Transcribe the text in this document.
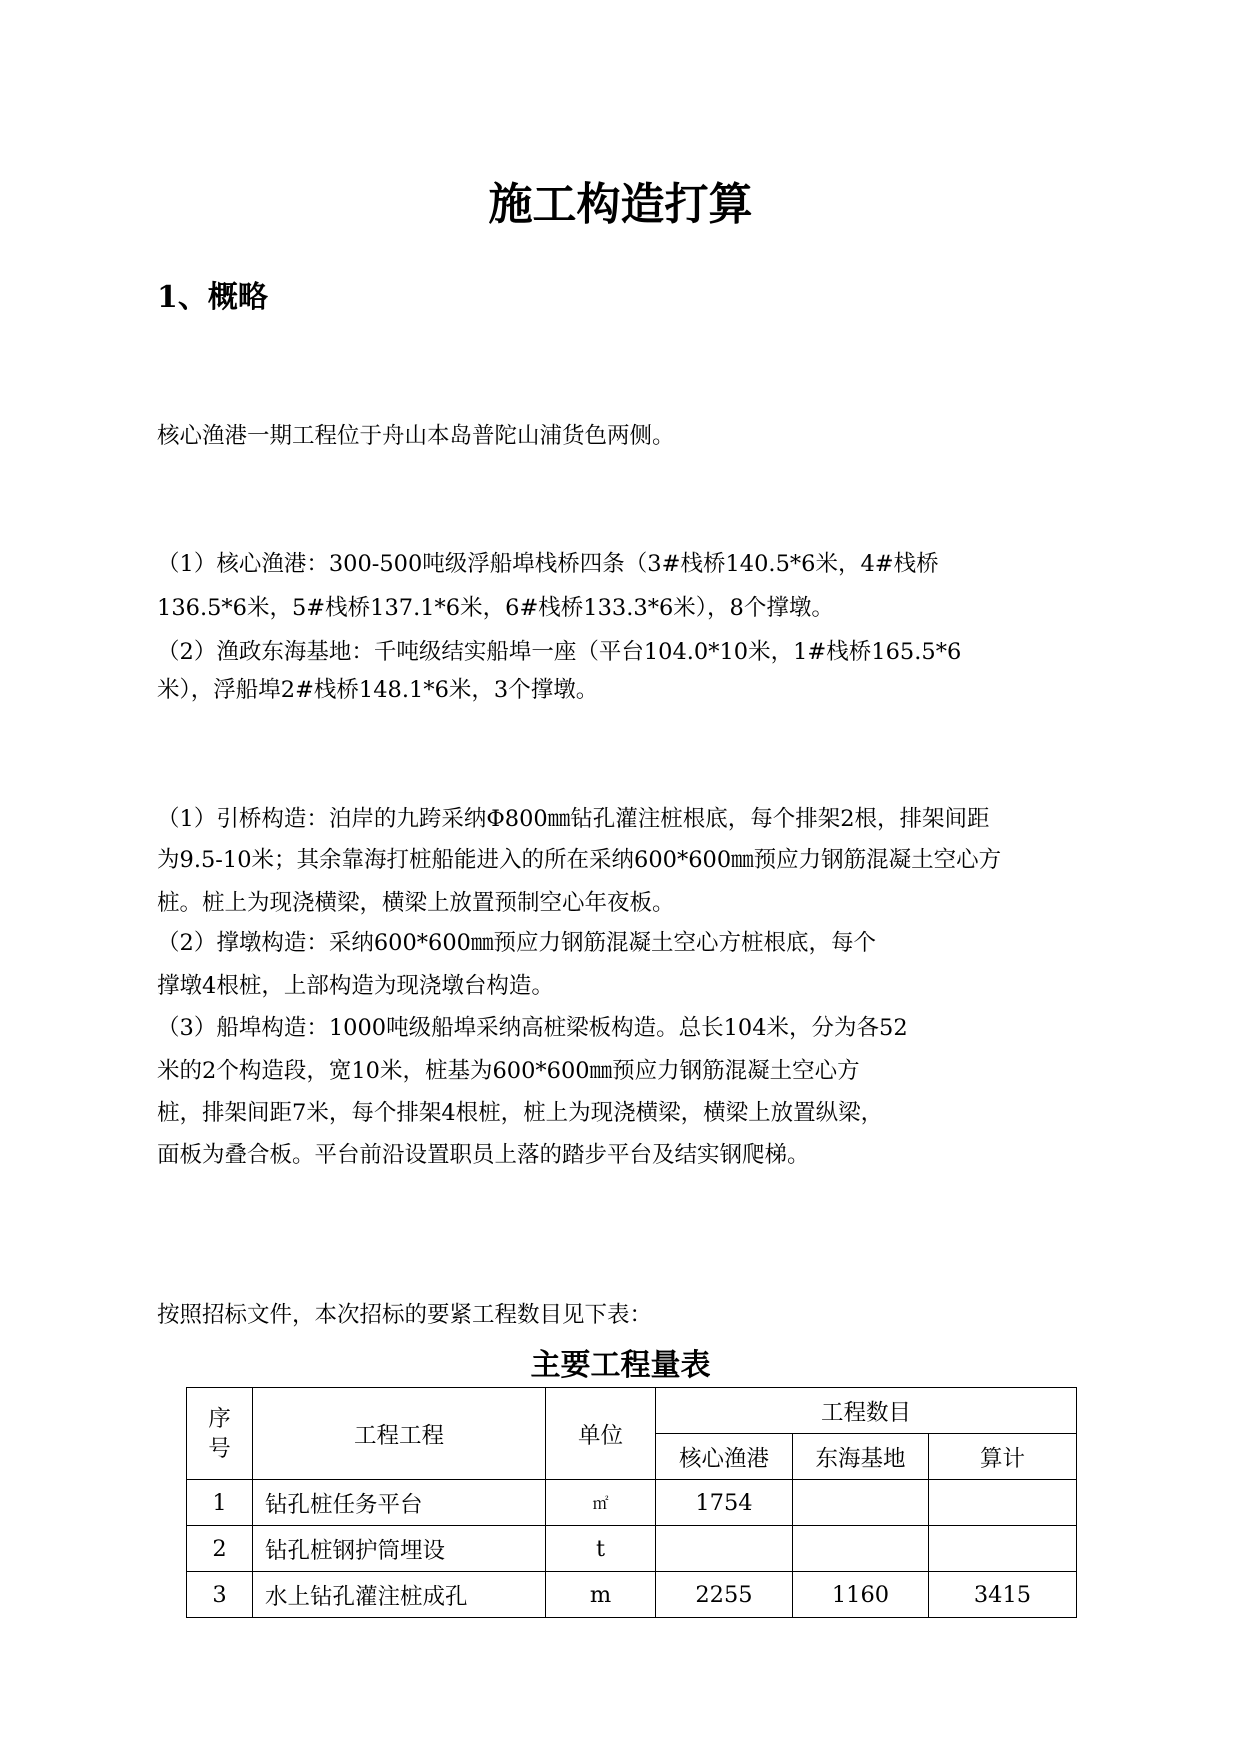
施工构造打算
1、概略
核心渔港一期工程位于舟山本岛普陀山浦货色两侧。
（1）核心渔港：300-500吨级浮船埠栈桥四条（3#栈桥140.5*6米，4#栈桥
136.5*6米，5#栈桥137.1*6米，6#栈桥133.3*6米），8个撑墩。
（2）渔政东海基地：千吨级结实船埠一座（平台104.0*10米，1#栈桥165.5*6
米），浮船埠2#栈桥148.1*6米，3个撑墩。
（1）引桥构造：泊岸的九跨采纳Φ800㎜钻孔灌注桩根底，每个排架2根，排架间距
为9.5-10米；其余靠海打桩船能进入的所在采纳600*600㎜预应力钢筋混凝土空心方
桩。桩上为现浇横梁，横梁上放置预制空心年夜板。
（2）撑墩构造：采纳600*600㎜预应力钢筋混凝土空心方桩根底，每个
撑墩4根桩，上部构造为现浇墩台构造。
（3）船埠构造：1000吨级船埠采纳高桩梁板构造。总长104米，分为各52
米的2个构造段，宽10米，桩基为600*600㎜预应力钢筋混凝土空心方
桩，排架间距7米，每个排架4根桩，桩上为现浇横梁，横梁上放置纵梁，
面板为叠合板。平台前沿设置职员上落的踏步平台及结实钢爬梯。
按照招标文件，本次招标的要紧工程数目见下表：
主要工程量表
序号	工程工程	单位	工程数目		
			核心渔港	东海基地	算计
1	钻孔桩任务平台	㎡	1754		
2	钻孔桩钢护筒埋设	t			
3	水上钻孔灌注桩成孔	m	2255	1160	3415
